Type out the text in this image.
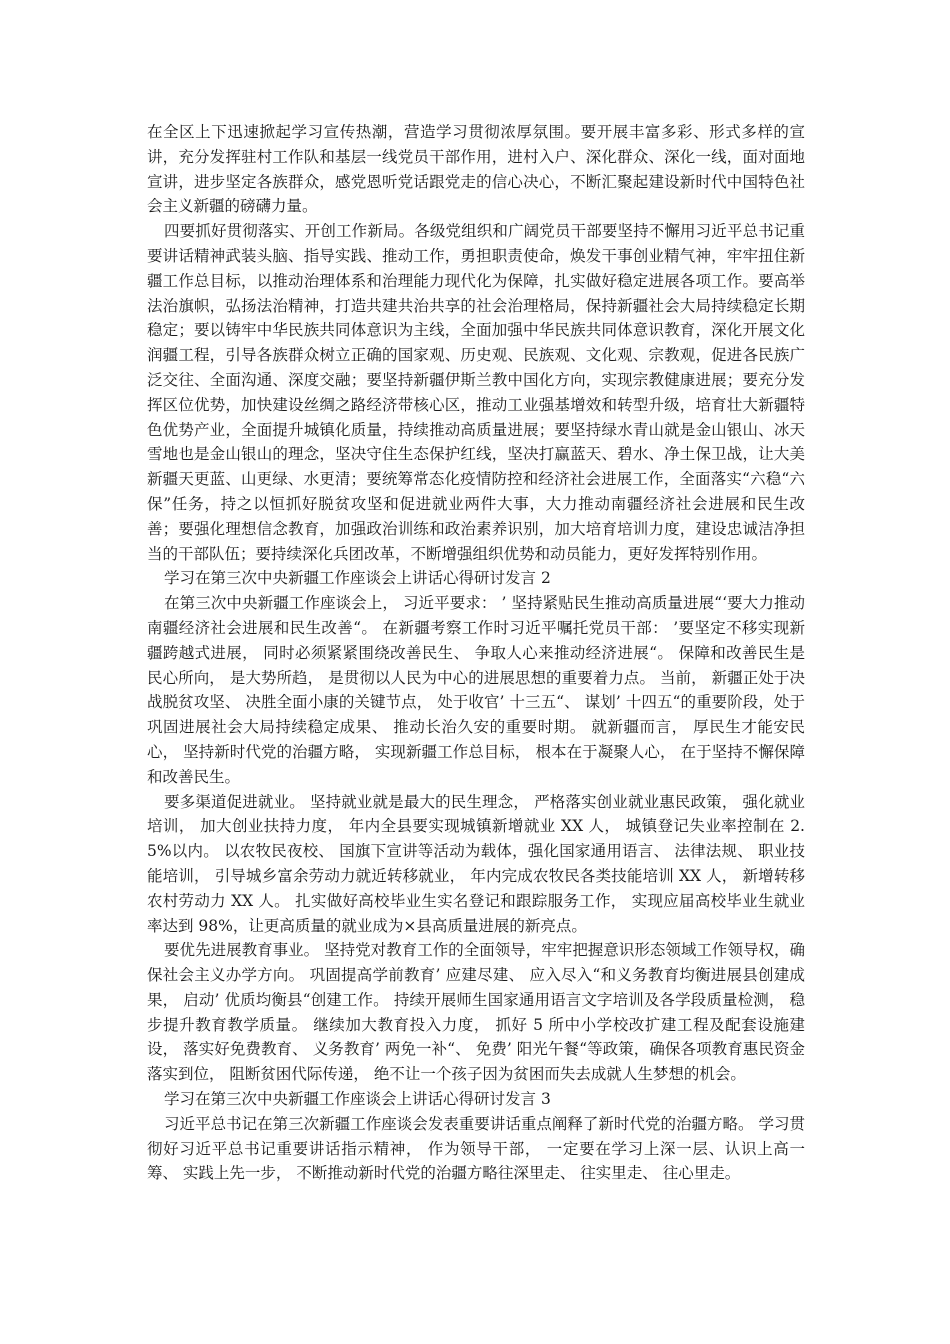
在全区上下迅速掀起学习宣传热潮，营造学习贯彻浓厚氛围。要开展丰富多彩、形式多样的宣讲，充分发挥驻村工作队和基层一线党员干部作用，进村入户、深化群众、深化一线，面对面地宣讲，进步坚定各族群众，感党恩听党话跟党走的信心决心，不断汇聚起建设新时代中国特色社会主义新疆的磅礴力量。

四要抓好贯彻落实、开创工作新局。各级党组织和广阔党员干部要坚持不懈用习近平总书记重要讲话精神武装头脑、指导实践、推动工作，勇担职责使命，焕发干事创业精气神，牢牢扭住新疆工作总目标，以推动治理体系和治理能力现代化为保障，扎实做好稳定进展各项工作。要高举法治旗帜，弘扬法治精神，打造共建共治共享的社会治理格局，保持新疆社会大局持续稳定长期稳定；要以铸牢中华民族共同体意识为主线，全面加强中华民族共同体意识教育，深化开展文化润疆工程，引导各族群众树立正确的国家观、历史观、民族观、文化观、宗教观，促进各民族广泛交往、全面沟通、深度交融；要坚持新疆伊斯兰教中国化方向，实现宗教健康进展；要充分发挥区位优势，加快建设丝绸之路经济带核心区，推动工业强基增效和转型升级，培育壮大新疆特色优势产业，全面提升城镇化质量，持续推动高质量进展；要坚持绿水青山就是金山银山、冰天雪地也是金山银山的理念，坚决守住生态保护红线，坚决打赢蓝天、碧水、净土保卫战，让大美新疆天更蓝、山更绿、水更清；要统筹常态化疫情防控和经济社会进展工作，全面落实“六稳“六保”任务，持之以恒抓好脱贫攻坚和促进就业两件大事，大力推动南疆经济社会进展和民生改善；要强化理想信念教育，加强政治训练和政治素养识别，加大培育培训力度，建设忠诚洁净担当的干部队伍；要持续深化兵团改革，不断增强组织优势和动员能力，更好发挥特别作用。

学习在第三次中央新疆工作座谈会上讲话心得研讨发言 2

在第三次中央新疆工作座谈会上， 习近平要求： ’ 坚持紧贴民生推动高质量进展“‘要大力推动南疆经济社会进展和民生改善“。 在新疆考察工作时习近平嘱托党员干部： ’要坚定不移实现新疆跨越式进展， 同时必须紧紧围绕改善民生、 争取人心来推动经济进展“。 保障和改善民生是民心所向， 是大势所趋， 是贯彻以人民为中心的进展思想的重要着力点。 当前， 新疆正处于决战脱贫攻坚、 决胜全面小康的关键节点， 处于收官’ 十三五“、 谋划’ 十四五“的重要阶段，处于巩固进展社会大局持续稳定成果、 推动长治久安的重要时期。 就新疆而言， 厚民生才能安民心， 坚持新时代党的治疆方略， 实现新疆工作总目标， 根本在于凝聚人心， 在于坚持不懈保障和改善民生。

要多渠道促进就业。 坚持就业就是最大的民生理念， 严格落实创业就业惠民政策， 强化就业培训， 加大创业扶持力度， 年内全县要实现城镇新增就业 XX 人， 城镇登记失业率控制在 2. 5%以内。 以农牧民夜校、 国旗下宣讲等活动为载体，强化国家通用语言、 法律法规、 职业技能培训， 引导城乡富余劳动力就近转移就业， 年内完成农牧民各类技能培训 XX 人， 新增转移农村劳动力 XX 人。 扎实做好高校毕业生实名登记和跟踪服务工作， 实现应届高校毕业生就业率达到 98%，让更高质量的就业成为×县高质量进展的新亮点。

要优先进展教育事业。 坚持党对教育工作的全面领导，牢牢把握意识形态领域工作领导权，确保社会主义办学方向。 巩固提高学前教育’ 应建尽建、 应入尽入“和义务教育均衡进展县创建成果， 启动’ 优质均衡县“创建工作。 持续开展师生国家通用语言文字培训及各学段质量检测， 稳步提升教育教学质量。 继续加大教育投入力度， 抓好 5 所中小学校改扩建工程及配套设施建设， 落实好免费教育、 义务教育’ 两免一补“、 免费’ 阳光午餐“等政策，确保各项教育惠民资金落实到位， 阻断贫困代际传递， 绝不让一个孩子因为贫困而失去成就人生梦想的机会。

学习在第三次中央新疆工作座谈会上讲话心得研讨发言 3

习近平总书记在第三次新疆工作座谈会发表重要讲话重点阐释了新时代党的治疆方略。 学习贯彻好习近平总书记重要讲话指示精神， 作为领导干部， 一定要在学习上深一层、认识上高一筹、 实践上先一步， 不断推动新时代党的治疆方略往深里走、 往实里走、 往心里走。
